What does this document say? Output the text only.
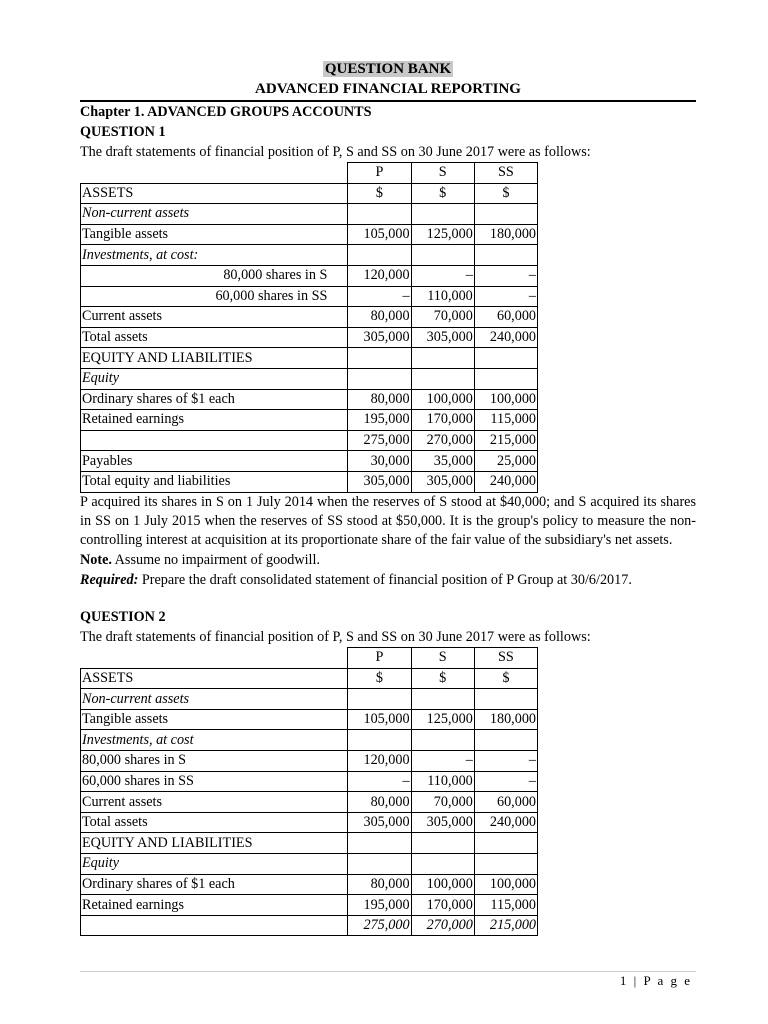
QUESTION BANK
ADVANCED FINANCIAL REPORTING
Chapter 1. ADVANCED GROUPS ACCOUNTS
QUESTION 1
The draft statements of financial position of P, S and SS on 30 June 2017 were as follows:
	P	S	SS
ASSETS	$	$	$
Non-current assets			
Tangible assets	105,000	125,000	180,000
Investments, at cost:			
80,000 shares in S	120,000	–	–
60,000 shares in SS	–	110,000	–
Current assets	80,000	70,000	60,000
Total assets	305,000	305,000	240,000
EQUITY AND LIABILITIES			
Equity			
Ordinary shares of $1 each	80,000	100,000	100,000
Retained earnings	195,000	170,000	115,000
	275,000	270,000	215,000
Payables	30,000	35,000	25,000
Total equity and liabilities	305,000	305,000	240,000
P acquired its shares in S on 1 July 2014 when the reserves of S stood at $40,000; and S acquired its shares in SS on 1 July 2015 when the reserves of SS stood at $50,000. It is the group's policy to measure the non-controlling interest at acquisition at its proportionate share of the fair value of the subsidiary's net assets.
Note. Assume no impairment of goodwill.
Required: Prepare the draft consolidated statement of financial position of P Group at 30/6/2017.
QUESTION 2
The draft statements of financial position of P, S and SS on 30 June 2017 were as follows:
	P	S	SS
ASSETS	$	$	$
Non-current assets			
Tangible assets	105,000	125,000	180,000
Investments, at cost			
80,000 shares in S	120,000	–	–
60,000 shares in SS	–	110,000	–
Current assets	80,000	70,000	60,000
Total assets	305,000	305,000	240,000
EQUITY AND LIABILITIES			
Equity			
Ordinary shares of $1 each	80,000	100,000	100,000
Retained earnings	195,000	170,000	115,000
	275,000	270,000	215,000
1 | P a g e
